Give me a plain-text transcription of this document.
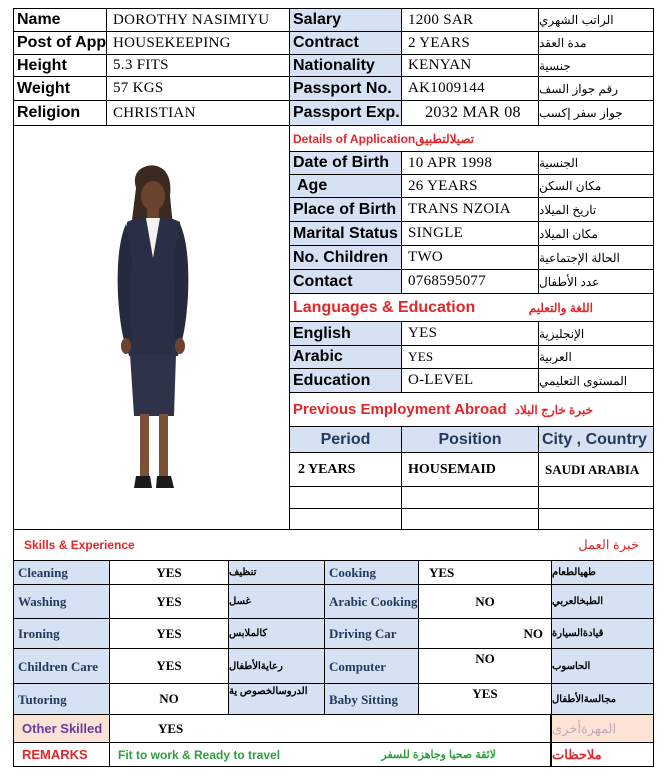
Name	DOROTHY NASIMIYU
Post of App HOUSEKEEPING
Height	5.3 FITS
Weight	57 KGS
Religion	CHRISTIAN
Salary	1200 SAR	الراتب الشهري
Contract	2 YEARS	مدة العقد
Nationality	KENYAN	جنسية
Passport No.	AK1009144	رقم جواز السف
Passport Exp.	2032 MAR 08	جواز سفر إكسب
Details of Application تصيلالتطبيق
Date of Birth	10 APR 1998	الجنسية
Age	26 YEARS	مكان السكن
Place of Birth TRANS NZOIA	تاريخ الميلاد
Marital Status SINGLE	مكان الميلاد
No. Children	TWO	الحالة الإجتماعية
Contact	0768595077	عدد الأطفال
Languages & Education	اللغة والتعليم
English	YES	الإنجليزية
Arabic	YES	العربية
Education	O-LEVEL	المستوى التعليمي
Previous Employment Abroad خبرة خارج البلاد
Period	Position	City , Country
2 YEARS	HOUSEMAID	SAUDI ARABIA
Skills & Experience	خبرة العمل
Cleaning	YES	تنظيف	Cooking	YES	طهيالطعام
Washing	YES	غسل	Arabic Cooking	NO	الطبخالعربي
Ironing	YES	كالملابس	Driving Car	NO قيادةالسيارة
Children Care	YES	رعايةالأطفال	Computer	NO	الحاسوب
Tutoring	NO	الدروسالخصوص ية	Baby Sitting	YES	مجالسةالأطفال
Other Skilled	YES	المهرةأخرى
REMARKS	Fit to work & Ready to travel	لائقة صحيا وجاهزة للسفر	ملاحظات
